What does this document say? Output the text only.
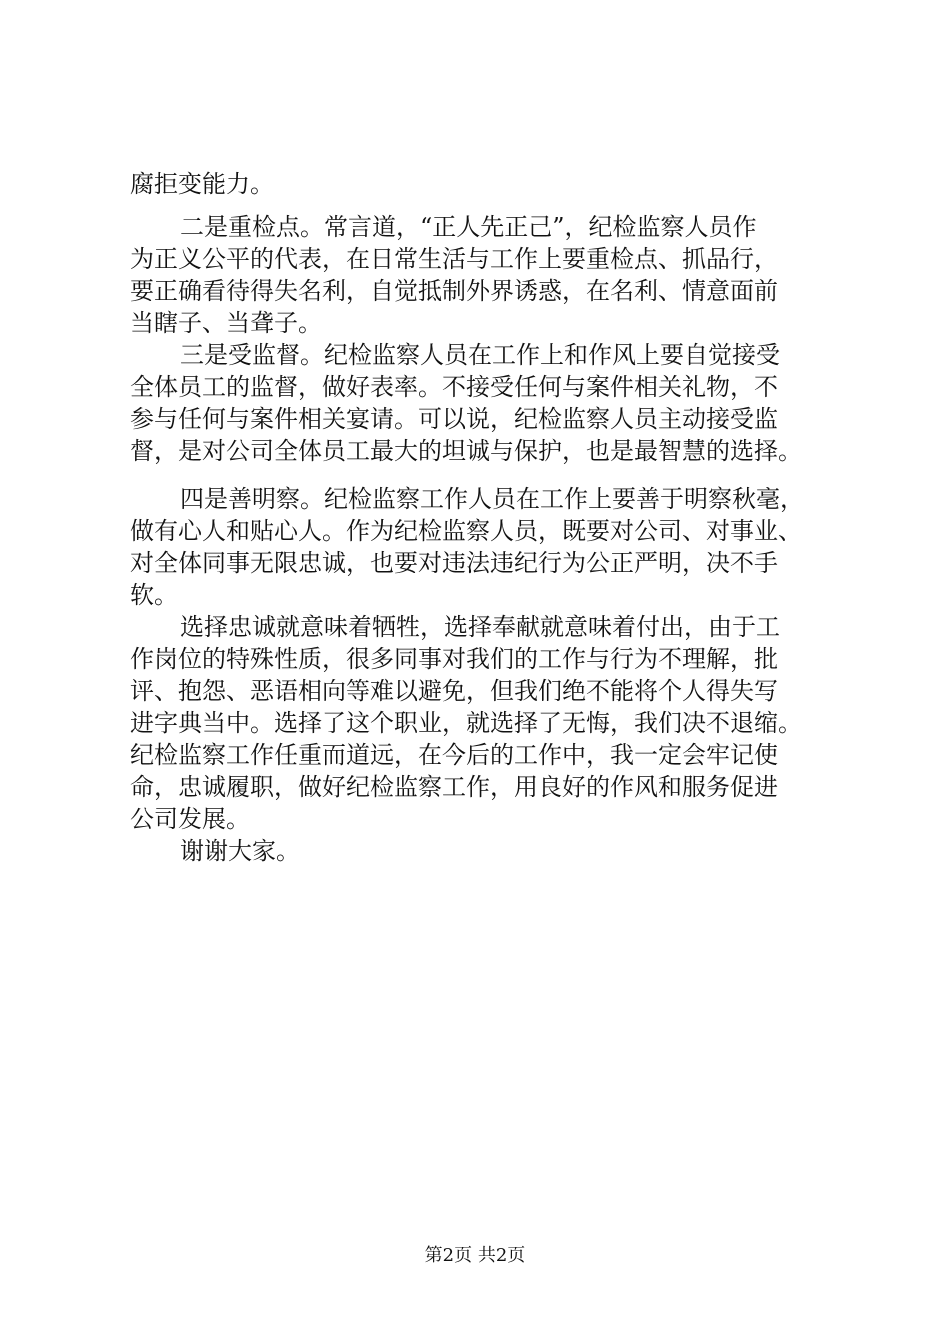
腐拒变能力。
二是重检点。常言道，“正人先正己”，纪检监察人员作
为正义公平的代表，在日常生活与工作上要重检点、抓品行，
要正确看待得失名利，自觉抵制外界诱惑，在名利、情意面前
当瞎子、当聋子。
三是受监督。纪检监察人员在工作上和作风上要自觉接受
全体员工的监督，做好表率。不接受任何与案件相关礼物，不
参与任何与案件相关宴请。可以说，纪检监察人员主动接受监
督，是对公司全体员工最大的坦诚与保护，也是最智慧的选择。
四是善明察。纪检监察工作人员在工作上要善于明察秋毫，
做有心人和贴心人。作为纪检监察人员，既要对公司、对事业、
对全体同事无限忠诚，也要对违法违纪行为公正严明，决不手
软。
选择忠诚就意味着牺牲，选择奉献就意味着付出，由于工
作岗位的特殊性质，很多同事对我们的工作与行为不理解，批
评、抱怨、恶语相向等难以避免，但我们绝不能将个人得失写
进字典当中。选择了这个职业，就选择了无悔，我们决不退缩。
纪检监察工作任重而道远，在今后的工作中，我一定会牢记使
命，忠诚履职，做好纪检监察工作，用良好的作风和服务促进
公司发展。
谢谢大家。
第2页 共2页
